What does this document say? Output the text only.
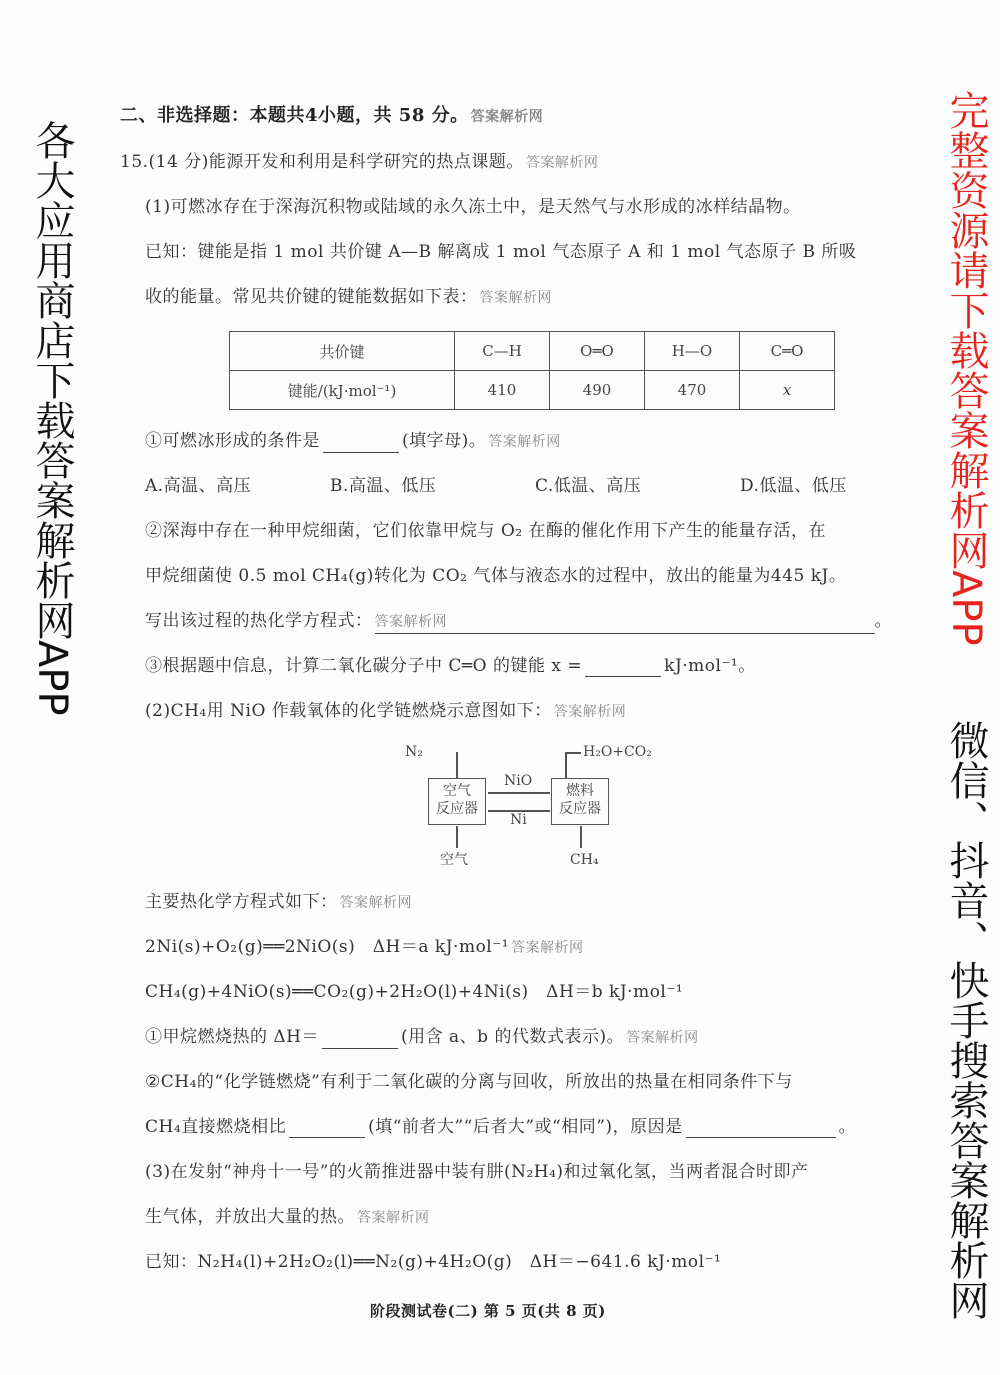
二、非选择题：本题共4小题，共 58 分。 答案解析网
15.(14 分)能源开发和利用是科学研究的热点课题。 答案解析网
(1)可燃冰存在于深海沉积物或陆域的永久冻土中，是天然气与水形成的冰样结晶物。
已知：键能是指 1 mol 共价键 A—B 解离成 1 mol 气态原子 A 和 1 mol 气态原子 B 所吸
收的能量。常见共价键的键能数据如下表： 答案解析网
共价键	C—H	O═O	H—O	C═O
键能/(kJ·mol⁻¹)	410	490	470	x
①可燃冰形成的条件是	(填字母)。 答案解析网
A.高温、高压	B.高温、低压	C.低温、高压	D.低温、低压
②深海中存在一种甲烷细菌，它们依靠甲烷与 O₂ 在酶的催化作用下产生的能量存活，在
甲烷细菌使 0.5 mol CH₄(g)转化为 CO₂ 气体与液态水的过程中，放出的能量为445 kJ。
写出该过程的热化学方程式： 答案解析网	。
③根据题中信息，计算二氧化碳分子中 C═O 的键能 x =	kJ·mol⁻¹。
(2)CH₄用 NiO 作载氧体的化学链燃烧示意图如下： 答案解析网
空气
反应器
燃料
反应器
NiO
Ni
N₂	H₂O+CO₂
空气	CH₄
主要热化学方程式如下： 答案解析网
2Ni(s)+O₂(g)══2NiO(s)　ΔH＝a kJ·mol⁻¹ 答案解析网
CH₄(g)+4NiO(s)══CO₂(g)+2H₂O(l)+4Ni(s)　ΔH＝b kJ·mol⁻¹
①甲烷燃烧热的 ΔH＝	(用含 a、b 的代数式表示)。 答案解析网
②CH₄的“化学链燃烧”有利于二氧化碳的分离与回收，所放出的热量在相同条件下与
CH₄直接燃烧相比	(填“前者大”“后者大”或“相同”)，原因是	。
(3)在发射“神舟十一号”的火箭推进器中装有肼(N₂H₄)和过氧化氢，当两者混合时即产
生气体，并放出大量的热。 答案解析网
已知：N₂H₄(l)+2H₂O₂(l)══N₂(g)+4H₂O(g)　ΔH＝−641.6 kJ·mol⁻¹
阶段测试卷(二) 第 5 页(共 8 页)
各大应用商店下载答案解析网APP	完整资源请下载答案解析网APP
微信、抖音、快手搜索答案解析网
